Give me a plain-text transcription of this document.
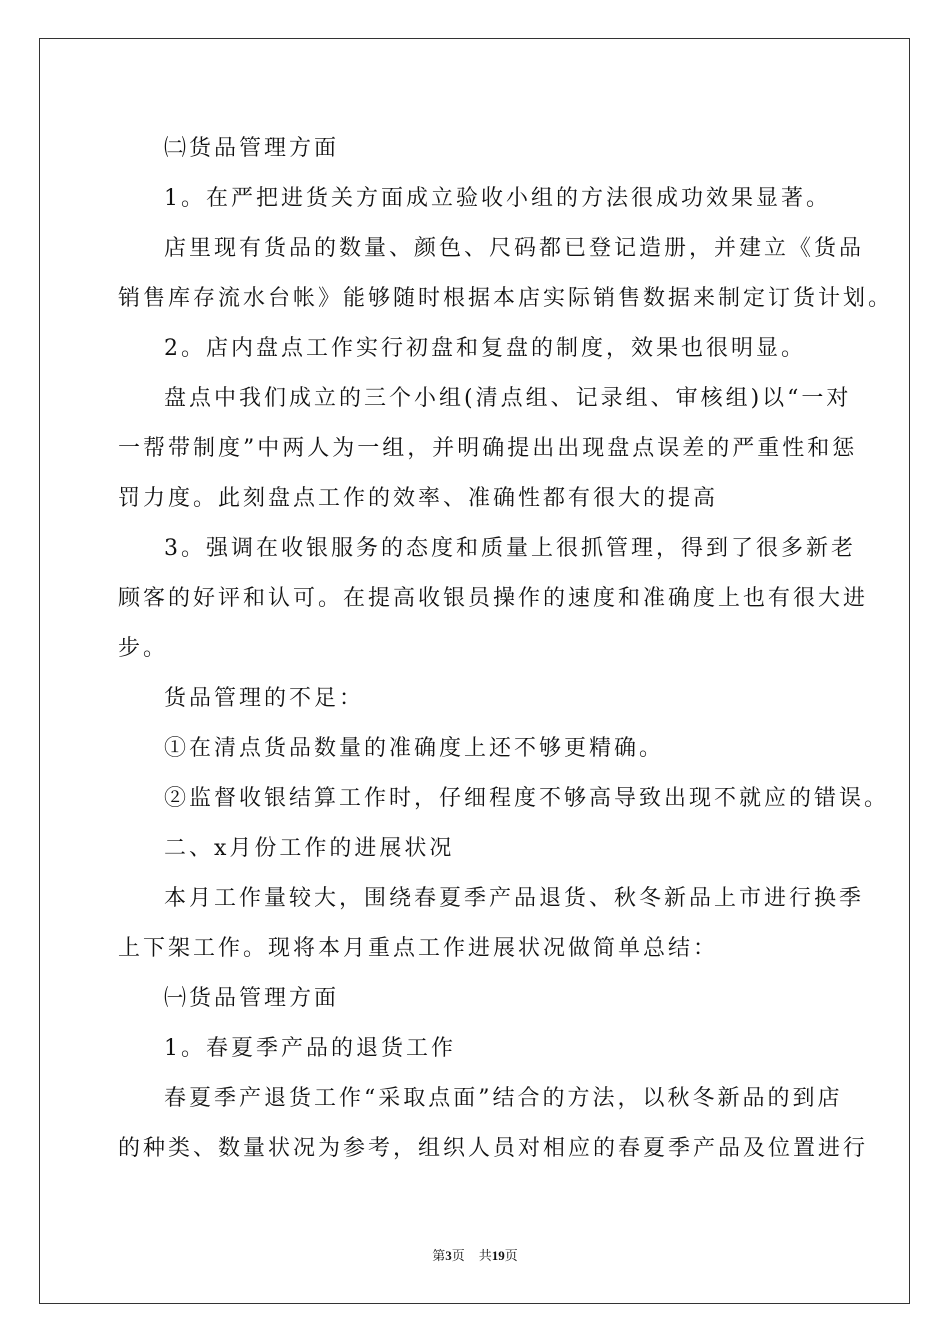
㈡货品管理方面
1。在严把进货关方面成立验收小组的方法很成功效果显著。
店里现有货品的数量、颜色、尺码都已登记造册，并建立《货品
销售库存流水台帐》能够随时根据本店实际销售数据来制定订货计划。
2。店内盘点工作实行初盘和复盘的制度，效果也很明显。
盘点中我们成立的三个小组(清点组、记录组、审核组)以“一对
一帮带制度”中两人为一组，并明确提出出现盘点误差的严重性和惩
罚力度。此刻盘点工作的效率、准确性都有很大的提高
3。强调在收银服务的态度和质量上很抓管理，得到了很多新老
顾客的好评和认可。在提高收银员操作的速度和准确度上也有很大进
步。
货品管理的不足：
①在清点货品数量的准确度上还不够更精确。
②监督收银结算工作时，仔细程度不够高导致出现不就应的错误。
二、x月份工作的进展状况
本月工作量较大，围绕春夏季产品退货、秋冬新品上市进行换季
上下架工作。现将本月重点工作进展状况做简单总结：
㈠货品管理方面
1。春夏季产品的退货工作
春夏季产退货工作“采取点面”结合的方法，以秋冬新品的到店
的种类、数量状况为参考，组织人员对相应的春夏季产品及位置进行
第3页 共19页
